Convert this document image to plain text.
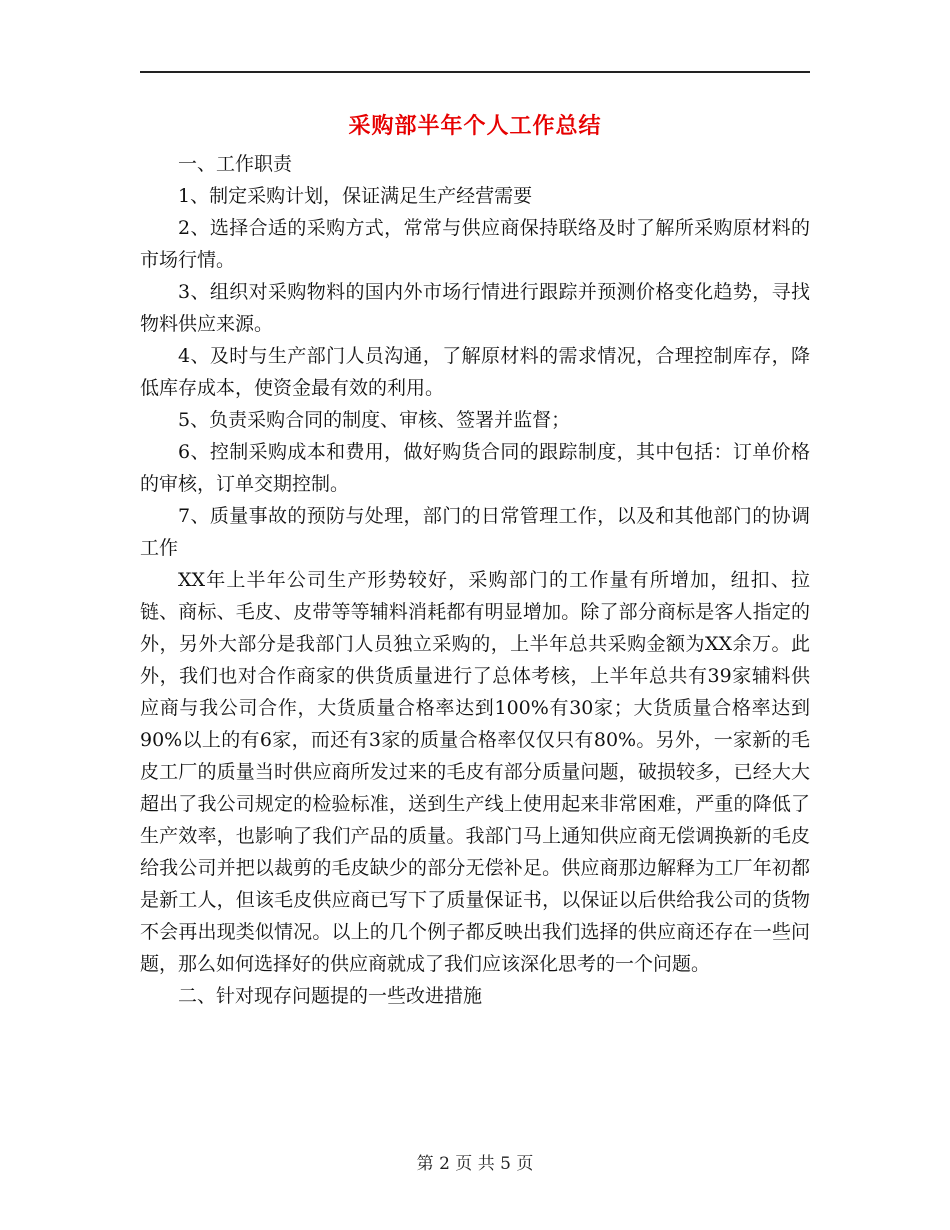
采购部半年个人工作总结

一、工作职责

1、制定采购计划，保证满足生产经营需要

2、选择合适的采购方式，常常与供应商保持联络及时了解所采购原材料的市场行情。

3、组织对采购物料的国内外市场行情进行跟踪并预测价格变化趋势，寻找物料供应来源。

4、及时与生产部门人员沟通，了解原材料的需求情况，合理控制库存，降低库存成本，使资金最有效的利用。

5、负责采购合同的制度、审核、签署并监督；

6、控制采购成本和费用，做好购货合同的跟踪制度，其中包括：订单价格的审核，订单交期控制。

7、质量事故的预防与处理，部门的日常管理工作，以及和其他部门的协调工作

XX年上半年公司生产形势较好，采购部门的工作量有所增加，纽扣、拉链、商标、毛皮、皮带等等辅料消耗都有明显增加。除了部分商标是客人指定的外，另外大部分是我部门人员独立采购的，上半年总共采购金额为XX余万。此外，我们也对合作商家的供货质量进行了总体考核，上半年总共有39家辅料供应商与我公司合作，大货质量合格率达到100%有30家；大货质量合格率达到90%以上的有6家，而还有3家的质量合格率仅仅只有80%。另外，一家新的毛皮工厂的质量当时供应商所发过来的毛皮有部分质量问题，破损较多，已经大大超出了我公司规定的检验标准，送到生产线上使用起来非常困难，严重的降低了生产效率，也影响了我们产品的质量。我部门马上通知供应商无偿调换新的毛皮给我公司并把以裁剪的毛皮缺少的部分无偿补足。供应商那边解释为工厂年初都是新工人，但该毛皮供应商已写下了质量保证书，以保证以后供给我公司的货物不会再出现类似情况。以上的几个例子都反映出我们选择的供应商还存在一些问题，那么如何选择好的供应商就成了我们应该深化思考的一个问题。

二、针对现存问题提的一些改进措施

第 2 页 共 5 页
